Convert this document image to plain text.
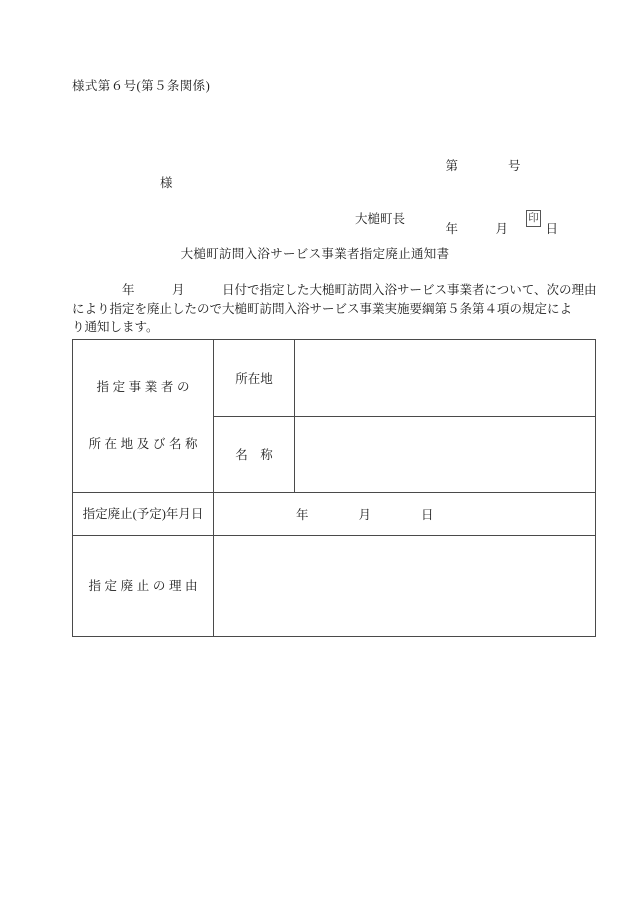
様式第６号(第５条関係)

第　　　　号

年　　　月　　　日

様
大槌町長	印
大槌町訪問入浴サービス事業者指定廃止通知書
　　　　年　　　月　　　日付で指定した大槌町訪問入浴サービス事業者について、次の理由
により指定を廃止したので大槌町訪問入浴サービス事業実施要綱第５条第４項の規定によ
り通知します。

指定事業者の

所在地及び名称	所在地	
	名　称	
指定廃止(予定)年月日	年　　　　月　　　　日	

指定廃止の理由		
